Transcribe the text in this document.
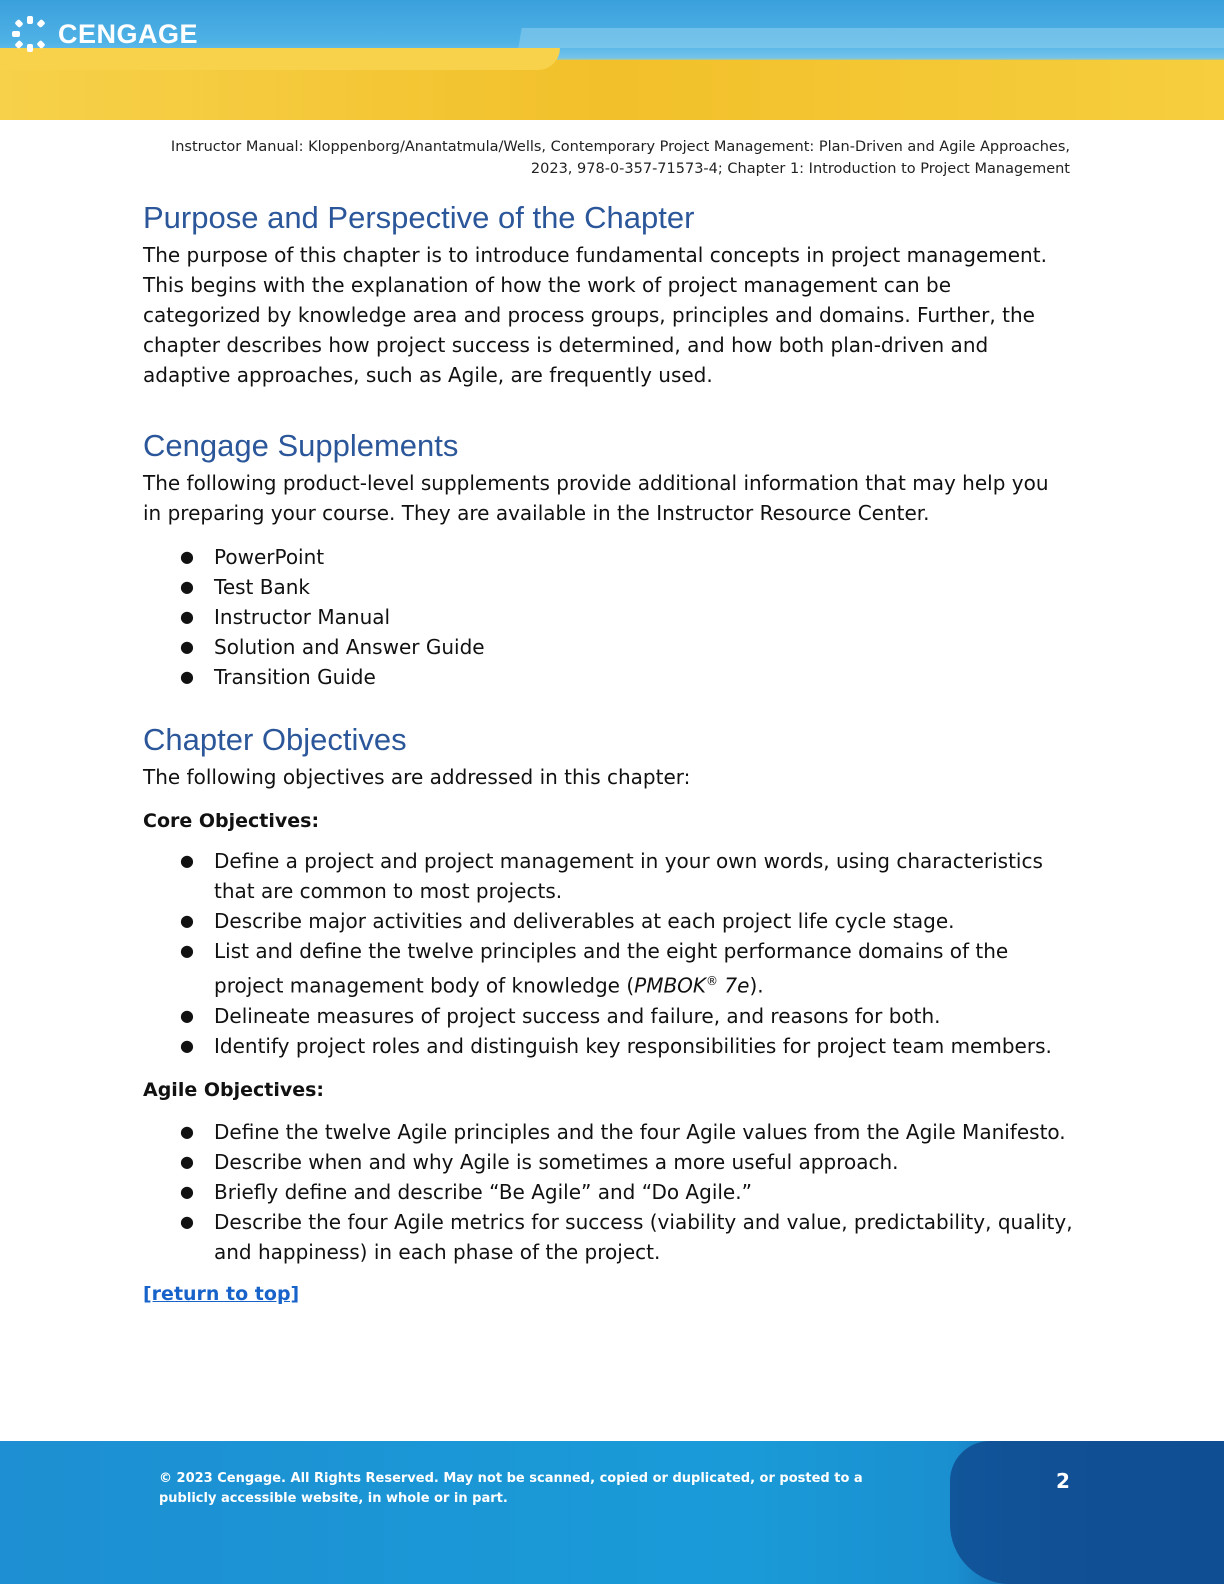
CENGAGE
Instructor Manual: Kloppenborg/Anantatmula/Wells, Contemporary Project Management: Plan-Driven and Agile Approaches,
2023, 978-0-357-71573-4; Chapter 1: Introduction to Project Management
Purpose and Perspective of the Chapter

The purpose of this chapter is to introduce fundamental concepts in project management. This begins with the explanation of how the work of project management can be categorized by knowledge area and process groups, principles and domains. Further, the chapter describes how project success is determined, and how both plan-driven and adaptive approaches, such as Agile, are frequently used.

Cengage Supplements

The following product-level supplements provide additional information that may help you in preparing your course. They are available in the Instructor Resource Center.

● PowerPoint
● Test Bank
● Instructor Manual
● Solution and Answer Guide
● Transition Guide
Chapter Objectives

The following objectives are addressed in this chapter:

Core Objectives:

● Define a project and project management in your own words, using characteristics that are common to most projects.
● Describe major activities and deliverables at each project life cycle stage.
● List and define the twelve principles and the eight performance domains of the project management body of knowledge (PMBOK® 7e).
● Delineate measures of project success and failure, and reasons for both.
● Identify project roles and distinguish key responsibilities for project team members.

Agile Objectives:

● Define the twelve Agile principles and the four Agile values from the Agile Manifesto.
● Describe when and why Agile is sometimes a more useful approach.
● Briefly define and describe “Be Agile” and “Do Agile.”
● Describe the four Agile metrics for success (viability and value, predictability, quality, and happiness) in each phase of the project.
[return to top]
© 2023 Cengage. All Rights Reserved. May not be scanned, copied or duplicated, or posted to a publicly accessible website, in whole or in part.
2
